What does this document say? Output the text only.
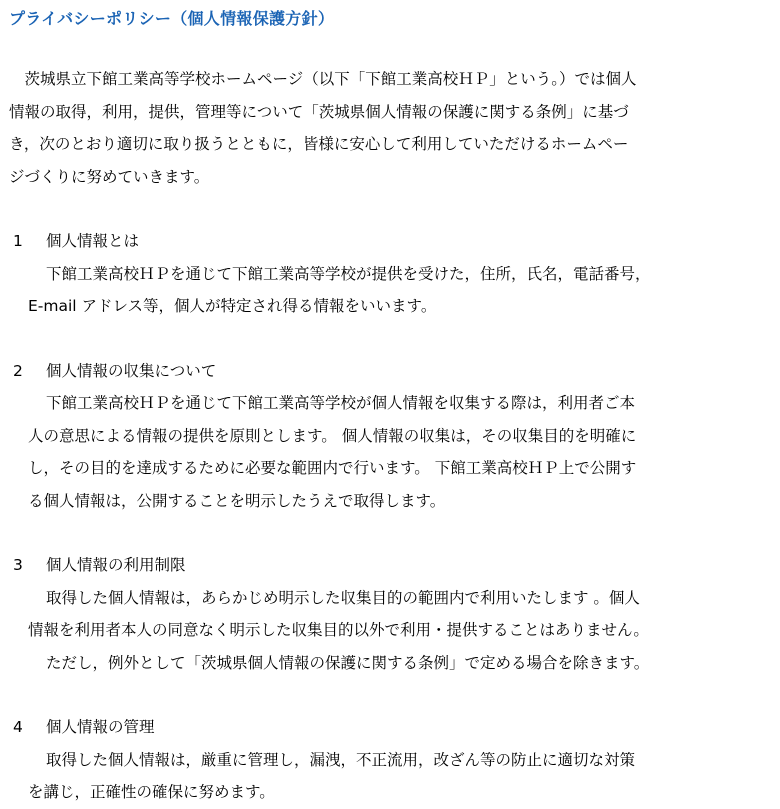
プライバシーポリシー（個人情報保護方針）

　茨城県立下館工業高等学校ホームページ（以下「下館工業高校ＨＰ」という。）では個人

情報の取得，利用，提供，管理等について「茨城県個人情報の保護に関する条例」に基づ

き，次のとおり適切に取り扱うとともに，皆様に安心して利用していただけるホームペー

ジづくりに努めていきます。

1 個人情報とは

下館工業高校ＨＰを通じて下館工業高等学校が提供を受けた，住所，氏名，電話番号，

E-mail アドレス等，個人が特定され得る情報をいいます。

2 個人情報の収集について

下館工業高校ＨＰを通じて下館工業高等学校が個人情報を収集する際は，利用者ご本

人の意思による情報の提供を原則とします。 個人情報の収集は，その収集目的を明確に

し，その目的を達成するために必要な範囲内で行います。 下館工業高校ＨＰ上で公開す

る個人情報は，公開することを明示したうえで取得します。

3 個人情報の利用制限

取得した個人情報は，あらかじめ明示した収集目的の範囲内で利用いたします 。個人

情報を利用者本人の同意なく明示した収集目的以外で利用・提供することはありません。

ただし，例外として「茨城県個人情報の保護に関する条例」で定める場合を除きます。

4 個人情報の管理

取得した個人情報は，厳重に管理し，漏洩，不正流用，改ざん等の防止に適切な対策

を講じ，正確性の確保に努めます。
